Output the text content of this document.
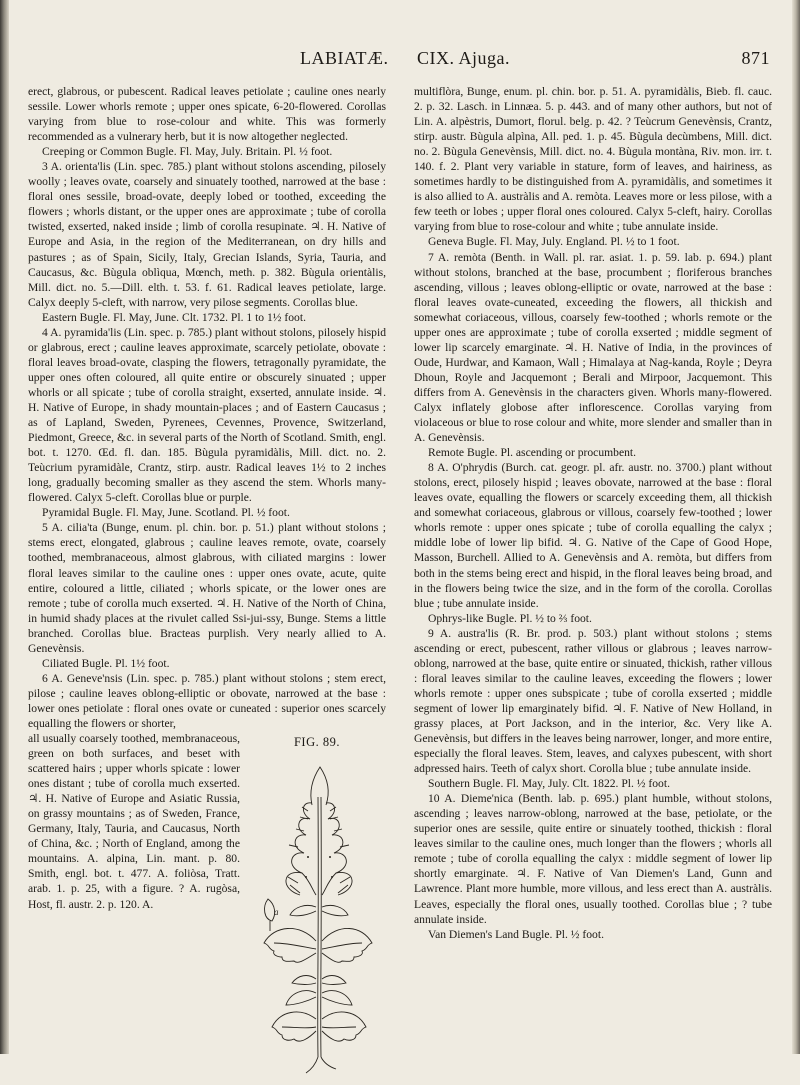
LABIATÆ. CIX. Ajuga.	871

erect, glabrous, or pubescent. Radical leaves petiolate ; cauline ones nearly sessile. Lower whorls remote ; upper ones spicate, 6-20-flowered. Corollas varying from blue to rose-colour and white. This was formerly recommended as a vulnerary herb, but it is now altogether neglected.

Creeping or Common Bugle. Fl. May, July. Britain. Pl. ½ foot.

3 A. orienta'lis (Lin. spec. 785.) plant without stolons ascending, pilosely woolly ; leaves ovate, coarsely and sinuately toothed, narrowed at the base : floral ones sessile, broad-ovate, deeply lobed or toothed, exceeding the flowers ; whorls distant, or the upper ones are approximate ; tube of corolla twisted, exserted, naked inside ; limb of corolla resupinate. ♃. H. Native of Europe and Asia, in the region of the Mediterranean, on dry hills and pastures ; as of Spain, Sicily, Italy, Grecian Islands, Syria, Tauria, and Caucasus, &c. Bùgula oblìqua, Mœnch, meth. p. 382. Bùgula orientàlis, Mill. dict. no. 5.—Dill. elth. t. 53. f. 61. Radical leaves petiolate, large. Calyx deeply 5-cleft, with narrow, very pilose segments. Corollas blue.

Eastern Bugle. Fl. May, June. Clt. 1732. Pl. 1 to 1½ foot.

4 A. pyramida'lis (Lin. spec. p. 785.) plant without stolons, pilosely hispid or glabrous, erect ; cauline leaves approximate, scarcely petiolate, obovate : floral leaves broad-ovate, clasping the flowers, tetragonally pyramidate, the upper ones often coloured, all quite entire or obscurely sinuated ; upper whorls or all spicate ; tube of corolla straight, exserted, annulate inside. ♃. H. Native of Europe, in shady mountain-places ; and of Eastern Caucasus ; as of Lapland, Sweden, Pyrenees, Cevennes, Provence, Switzerland, Piedmont, Greece, &c. in several parts of the North of Scotland. Smith, engl. bot. t. 1270. Œd. fl. dan. 185. Bùgula pyramidàlis, Mill. dict. no. 2. Teùcrium pyramidàle, Crantz, stirp. austr. Radical leaves 1½ to 2 inches long, gradually becoming smaller as they ascend the stem. Whorls many-flowered. Calyx 5-cleft. Corollas blue or purple.

Pyramidal Bugle. Fl. May, June. Scotland. Pl. ½ foot.

5 A. cilia'ta (Bunge, enum. pl. chin. bor. p. 51.) plant without stolons ; stems erect, elongated, glabrous ; cauline leaves remote, ovate, coarsely toothed, membranaceous, almost glabrous, with ciliated margins : lower floral leaves similar to the cauline ones : upper ones ovate, acute, quite entire, coloured a little, ciliated ; whorls spicate, or the lower ones are remote ; tube of corolla much exserted. ♃. H. Native of the North of China, in humid shady places at the rivulet called Ssi-jui-ssy, Bunge. Stems a little branched. Corollas blue. Bracteas purplish. Very nearly allied to A. Genevènsis.

Ciliated Bugle. Pl. 1½ foot.

6 A. Geneve'nsis (Lin. spec. p. 785.) plant without stolons ; stem erect, pilose ; cauline leaves oblong-elliptic or obovate, narrowed at the base : lower ones petiolate : floral ones ovate or cuneated : superior ones scarcely equalling the flowers or shorter,

FIG. 89.
a
all usually coarsely toothed, membranaceous, green on both surfaces, and beset with scattered hairs ; upper whorls spicate : lower ones distant ; tube of corolla much exserted. ♃. H. Native of Europe and Asiatic Russia, on grassy mountains ; as of Sweden, France, Germany, Italy, Tauria, and Caucasus, North of China, &c. ; North of England, among the mountains. A. alpina, Lin. mant. p. 80. Smith, engl. bot. t. 477. A. foliòsa, Tratt. arab. 1. p. 25, with a figure. ? A. rugòsa, Host, fl. austr. 2. p. 120. A.

multiflòra, Bunge, enum. pl. chin. bor. p. 51. A. pyramidàlis, Bieb. fl. cauc. 2. p. 32. Lasch. in Linnæa. 5. p. 443. and of many other authors, but not of Lin. A. alpèstris, Dumort, florul. belg. p. 42. ? Teùcrum Genevènsis, Crantz, stirp. austr. Bùgula alpìna, All. ped. 1. p. 45. Bùgula decùmbens, Mill. dict. no. 2. Bùgula Genevènsis, Mill. dict. no. 4. Bùgula montàna, Riv. mon. irr. t. 140. f. 2. Plant very variable in stature, form of leaves, and hairiness, as sometimes hardly to be distinguished from A. pyramidàlis, and sometimes it is also allied to A. austràlis and A. remòta. Leaves more or less pilose, with a few teeth or lobes ; upper floral ones coloured. Calyx 5-cleft, hairy. Corollas varying from blue to rose-colour and white ; tube annulate inside.

Geneva Bugle. Fl. May, July. England. Pl. ½ to 1 foot.

7 A. remòta (Benth. in Wall. pl. rar. asiat. 1. p. 59. lab. p. 694.) plant without stolons, branched at the base, procumbent ; floriferous branches ascending, villous ; leaves oblong-elliptic or ovate, narrowed at the base : floral leaves ovate-cuneated, exceeding the flowers, all thickish and somewhat coriaceous, villous, coarsely few-toothed ; whorls remote or the upper ones are approximate ; tube of corolla exserted ; middle segment of lower lip scarcely emarginate. ♃. H. Native of India, in the provinces of Oude, Hurdwar, and Kamaon, Wall ; Himalaya at Nag-kanda, Royle ; Deyra Dhoun, Royle and Jacquemont ; Berali and Mirpoor, Jacquemont. This differs from A. Genevènsis in the characters given. Whorls many-flowered. Calyx inflately globose after inflorescence. Corollas varying from violaceous or blue to rose colour and white, more slender and smaller than in A. Genevènsis.

Remote Bugle. Pl. ascending or procumbent.

8 A. O'phrydis (Burch. cat. geogr. pl. afr. austr. no. 3700.) plant without stolons, erect, pilosely hispid ; leaves obovate, narrowed at the base : floral leaves ovate, equalling the flowers or scarcely exceeding them, all thickish and somewhat coriaceous, glabrous or villous, coarsely few-toothed ; lower whorls remote : upper ones spicate ; tube of corolla equalling the calyx ; middle lobe of lower lip bifid. ♃. G. Native of the Cape of Good Hope, Masson, Burchell. Allied to A. Genevènsis and A. remòta, but differs from both in the stems being erect and hispid, in the floral leaves being broad, and in the flowers being twice the size, and in the form of the corolla. Corollas blue ; tube annulate inside.

Ophrys-like Bugle. Pl. ½ to ⅔ foot.

9 A. austra'lis (R. Br. prod. p. 503.) plant without stolons ; stems ascending or erect, pubescent, rather villous or glabrous ; leaves narrow-oblong, narrowed at the base, quite entire or sinuated, thickish, rather villous : floral leaves similar to the cauline leaves, exceeding the flowers ; lower whorls remote : upper ones subspicate ; tube of corolla exserted ; middle segment of lower lip emarginately bifid. ♃. F. Native of New Holland, in grassy places, at Port Jackson, and in the interior, &c. Very like A. Genevènsis, but differs in the leaves being narrower, longer, and more entire, especially the floral leaves. Stem, leaves, and calyxes pubescent, with short adpressed hairs. Teeth of calyx short. Corolla blue ; tube annulate inside.

Southern Bugle. Fl. May, July. Clt. 1822. Pl. ½ foot.

10 A. Dieme'nica (Benth. lab. p. 695.) plant humble, without stolons, ascending ; leaves narrow-oblong, narrowed at the base, petiolate, or the superior ones are sessile, quite entire or sinuately toothed, thickish : floral leaves similar to the cauline ones, much longer than the flowers ; whorls all remote ; tube of corolla equalling the calyx : middle segment of lower lip shortly emarginate. ♃. F. Native of Van Diemen's Land, Gunn and Lawrence. Plant more humble, more villous, and less erect than A. austràlis. Leaves, especially the floral ones, usually toothed. Corollas blue ; ? tube annulate inside.

Van Diemen's Land Bugle. Pl. ½ foot.
